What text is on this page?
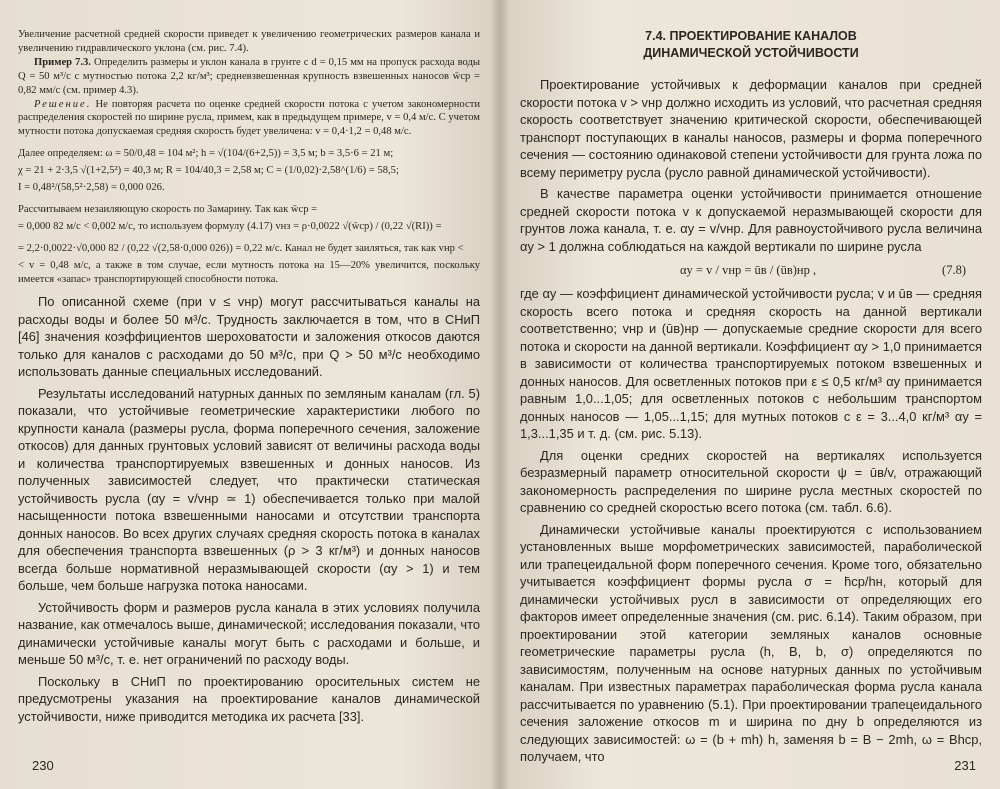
Увеличение расчетной средней скорости приведет к увеличению геометрических размеров канала и увеличению гидравлического уклона (см. рис. 7.4).

Пример 7.3. Определить размеры и уклон канала в грунте с d = 0,15 мм на пропуск расхода воды Q = 50 м³/с с мутностью потока 2,2 кг/м³; средневзвешенная крупность взвешенных наносов w̄ср = 0,82 мм/с (см. пример 4.3).

Решение. Не повторяя расчета по оценке средней скорости потока с учетом закономерности распределения скоростей по ширине русла, примем, как в предыдущем примере, v = 0,4 м/с. С учетом мутности потока допускаемая средняя скорость будет увеличена: v = 0,4·1,2 = 0,48 м/с.

Далее определяем: ω = 50/0,48 = 104 м²; h = √(104/(6+2,5)) = 3,5 м; b = 3,5·6 = 21 м;
χ = 21 + 2·3,5 √(1+2,5²) = 40,3 м; R = 104/40,3 = 2,58 м; C = (1/0,02)·2,58^(1/6) = 58,5;
I = 0,48²/(58,5²·2,58) = 0,000 026.
Рассчитываем незаиляющую скорость по Замарину. Так как w̄ср =
= 0,000 82 м/с < 0,002 м/с, то используем формулу (4.17) vнз = ρ·0,0022 √(w̄ср) / (0,22 √(RI)) =
= 2,2·0,0022·√0,000 82 / (0,22 √(2,58·0,000 026)) = 0,22 м/с. Канал не будет заиляться, так как vнр <

< v = 0,48 м/с, а также в том случае, если мутность потока на 15—20% увеличится, поскольку имеется «запас» транспортирующей способности потока.

По описанной схеме (при v ≤ vнр) могут рассчитываться каналы на расходы воды и более 50 м³/с. Трудность заключается в том, что в СНиП [46] значения коэффициентов шероховатости и заложения откосов даются только для каналов с расходами до 50 м³/с, при Q > 50 м³/с необходимо использовать данные специальных исследований.

Результаты исследований натурных данных по земляным каналам (гл. 5) показали, что устойчивые геометрические характеристики любого по крупности канала (размеры русла, форма поперечного сечения, заложение откосов) для данных грунтовых условий зависят от величины расхода воды и количества транспортируемых взвешенных и донных наносов. Из полученных зависимостей следует, что практически статическая устойчивость русла (αу = v/vнр ≃ 1) обеспечивается только при малой насыщенности потока взвешенными наносами и отсутствии транспорта донных наносов. Во всех других случаях средняя скорость потока в каналах для обеспечения транспорта взвешенных (ρ > 3 кг/м³) и донных наносов всегда больше нормативной неразмывающей скорости (αу > 1) и тем больше, чем больше нагрузка потока наносами.

Устойчивость форм и размеров русла канала в этих условиях получила название, как отмечалось выше, динамической; исследования показали, что динамически устойчивые каналы могут быть с расходами и больше, и меньше 50 м³/с, т. е. нет ограничений по расходу воды.

Поскольку в СНиП по проектированию оросительных систем не предусмотрены указания на проектирование каналов динамической устойчивости, ниже приводится методика их расчета [33].

230
7.4. ПРОЕКТИРОВАНИЕ КАНАЛОВ
ДИНАМИЧЕСКОЙ УСТОЙЧИВОСТИ

Проектирование устойчивых к деформации каналов при средней скорости потока v > vнр должно исходить из условий, что расчетная средняя скорость соответствует значению критической скорости, обеспечивающей транспорт поступающих в каналы наносов, размеры и форма поперечного сечения — состоянию одинаковой степени устойчивости для грунта ложа по всему периметру русла (русло равной динамической устойчивости).

В качестве параметра оценки устойчивости принимается отношение средней скорости потока v к допускаемой неразмывающей скорости для грунтов ложа канала, т. е. αу = v/vнр. Для равноустойчивого русла величина αу > 1 должна соблюдаться на каждой вертикали по ширине русла

αу = v / vнр = ūв / (ūв)нр ,	(7.8)

где αу — коэффициент динамической устойчивости русла; v и ūв — средняя скорость всего потока и средняя скорость на данной вертикали соответственно; vнр и (ūв)нр — допускаемые средние скорости для всего потока и скорости на данной вертикали. Коэффициент αу > 1,0 принимается в зависимости от количества транспортируемых потоком взвешенных и донных наносов. Для осветленных потоков при ε ≤ 0,5 кг/м³ αу принимается равным 1,0...1,05; для осветленных потоков с небольшим транспортом донных наносов — 1,05...1,15; для мутных потоков с ε = 3...4,0 кг/м³ αу = 1,3...1,35 и т. д. (см. рис. 5.13).

Для оценки средних скоростей на вертикалях используется безразмерный параметр относительной скорости ψ = ūв/v, отражающий закономерность распределения по ширине русла местных скоростей по сравнению со средней скоростью всего потока (см. табл. 6.6).

Динамически устойчивые каналы проектируются с использованием установленных выше морфометрических зависимостей, параболической или трапецеидальной форм поперечного сечения. Кроме того, обязательно учитывается коэффициент формы русла σ = h̄ср/hн, который для динамически устойчивых русл в зависимости от определяющих его факторов имеет определенные значения (см. рис. 6.14). Таким образом, при проектировании этой категории земляных каналов основные геометрические параметры русла (h, B, b, σ) определяются по зависимостям, полученным на основе натурных данных по устойчивым каналам. При известных параметрах параболическая форма русла канала рассчитывается по уравнению (5.1). При проектировании трапецеидального сечения заложение откосов m и ширина по дну b определяются из следующих зависимостей: ω = (b + mh) h, заменяя b = B − 2mh, ω = Bhср, получаем, что

231
